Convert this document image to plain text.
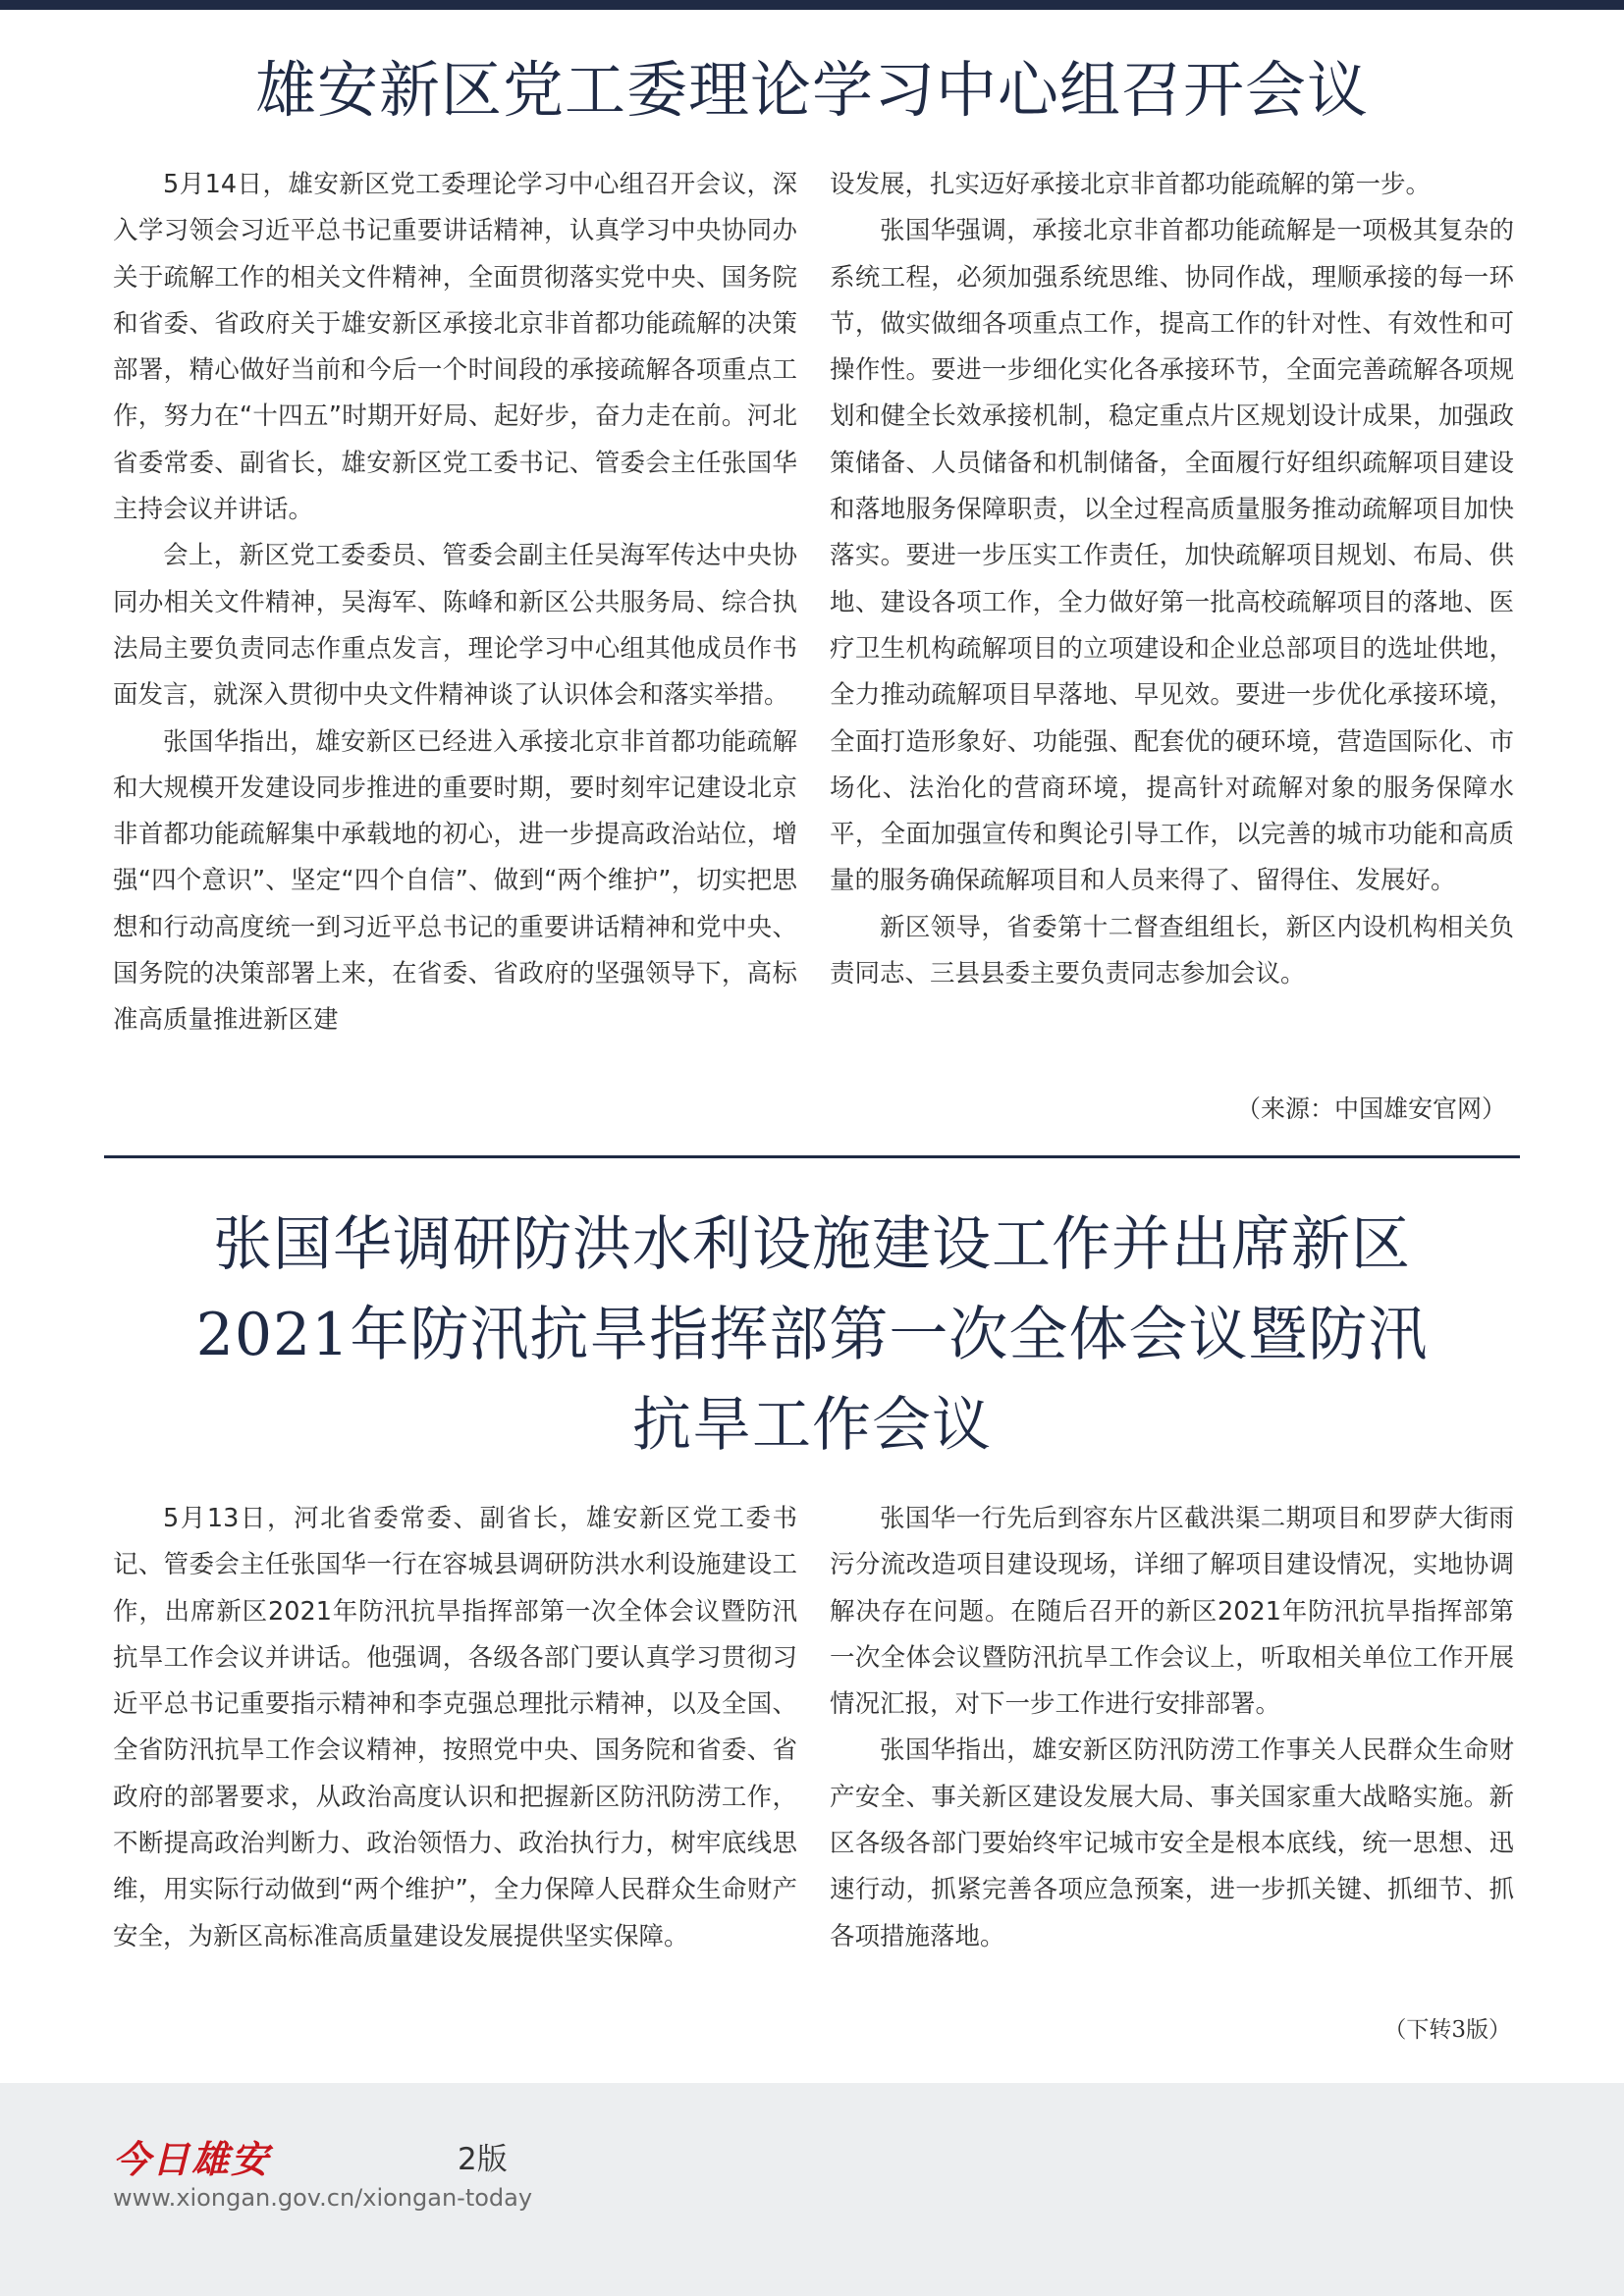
雄安新区党工委理论学习中心组召开会议

5月14日，雄安新区党工委理论学习中心组召开会议，深入学习领会习近平总书记重要讲话精神，认真学习中央协同办关于疏解工作的相关文件精神，全面贯彻落实党中央、国务院和省委、省政府关于雄安新区承接北京非首都功能疏解的决策部署，精心做好当前和今后一个时间段的承接疏解各项重点工作，努力在“十四五”时期开好局、起好步，奋力走在前。河北省委常委、副省长，雄安新区党工委书记、管委会主任张国华主持会议并讲话。

会上，新区党工委委员、管委会副主任吴海军传达中央协同办相关文件精神，吴海军、陈峰和新区公共服务局、综合执法局主要负责同志作重点发言，理论学习中心组其他成员作书面发言，就深入贯彻中央文件精神谈了认识体会和落实举措。

张国华指出，雄安新区已经进入承接北京非首都功能疏解和大规模开发建设同步推进的重要时期，要时刻牢记建设北京非首都功能疏解集中承载地的初心，进一步提高政治站位，增强“四个意识”、坚定“四个自信”、做到“两个维护”，切实把思想和行动高度统一到习近平总书记的重要讲话精神和党中央、国务院的决策部署上来，在省委、省政府的坚强领导下，高标准高质量推进新区建

设发展，扎实迈好承接北京非首都功能疏解的第一步。

张国华强调，承接北京非首都功能疏解是一项极其复杂的系统工程，必须加强系统思维、协同作战，理顺承接的每一环节，做实做细各项重点工作，提高工作的针对性、有效性和可操作性。要进一步细化实化各承接环节，全面完善疏解各项规划和健全长效承接机制，稳定重点片区规划设计成果，加强政策储备、人员储备和机制储备，全面履行好组织疏解项目建设和落地服务保障职责，以全过程高质量服务推动疏解项目加快落实。要进一步压实工作责任，加快疏解项目规划、布局、供地、建设各项工作，全力做好第一批高校疏解项目的落地、医疗卫生机构疏解项目的立项建设和企业总部项目的选址供地，全力推动疏解项目早落地、早见效。要进一步优化承接环境，全面打造形象好、功能强、配套优的硬环境，营造国际化、市场化、法治化的营商环境，提高针对疏解对象的服务保障水平，全面加强宣传和舆论引导工作，以完善的城市功能和高质量的服务确保疏解项目和人员来得了、留得住、发展好。

新区领导，省委第十二督查组组长，新区内设机构相关负责同志、三县县委主要负责同志参加会议。

（来源：中国雄安官网）
张国华调研防洪水利设施建设工作并出席新区
2021年防汛抗旱指挥部第一次全体会议暨防汛
抗旱工作会议

5月13日，河北省委常委、副省长，雄安新区党工委书记、管委会主任张国华一行在容城县调研防洪水利设施建设工作，出席新区2021年防汛抗旱指挥部第一次全体会议暨防汛抗旱工作会议并讲话。他强调，各级各部门要认真学习贯彻习近平总书记重要指示精神和李克强总理批示精神，以及全国、全省防汛抗旱工作会议精神，按照党中央、国务院和省委、省政府的部署要求，从政治高度认识和把握新区防汛防涝工作，不断提高政治判断力、政治领悟力、政治执行力，树牢底线思维，用实际行动做到“两个维护”，全力保障人民群众生命财产安全，为新区高标准高质量建设发展提供坚实保障。

张国华一行先后到容东片区截洪渠二期项目和罗萨大街雨污分流改造项目建设现场，详细了解项目建设情况，实地协调解决存在问题。在随后召开的新区2021年防汛抗旱指挥部第一次全体会议暨防汛抗旱工作会议上，听取相关单位工作开展情况汇报，对下一步工作进行安排部署。

张国华指出，雄安新区防汛防涝工作事关人民群众生命财产安全、事关新区建设发展大局、事关国家重大战略实施。新区各级各部门要始终牢记城市安全是根本底线，统一思想、迅速行动，抓紧完善各项应急预案，进一步抓关键、抓细节、抓各项措施落地。

（下转3版）
今日雄安	2版
www.xiongan.gov.cn/xiongan-today
